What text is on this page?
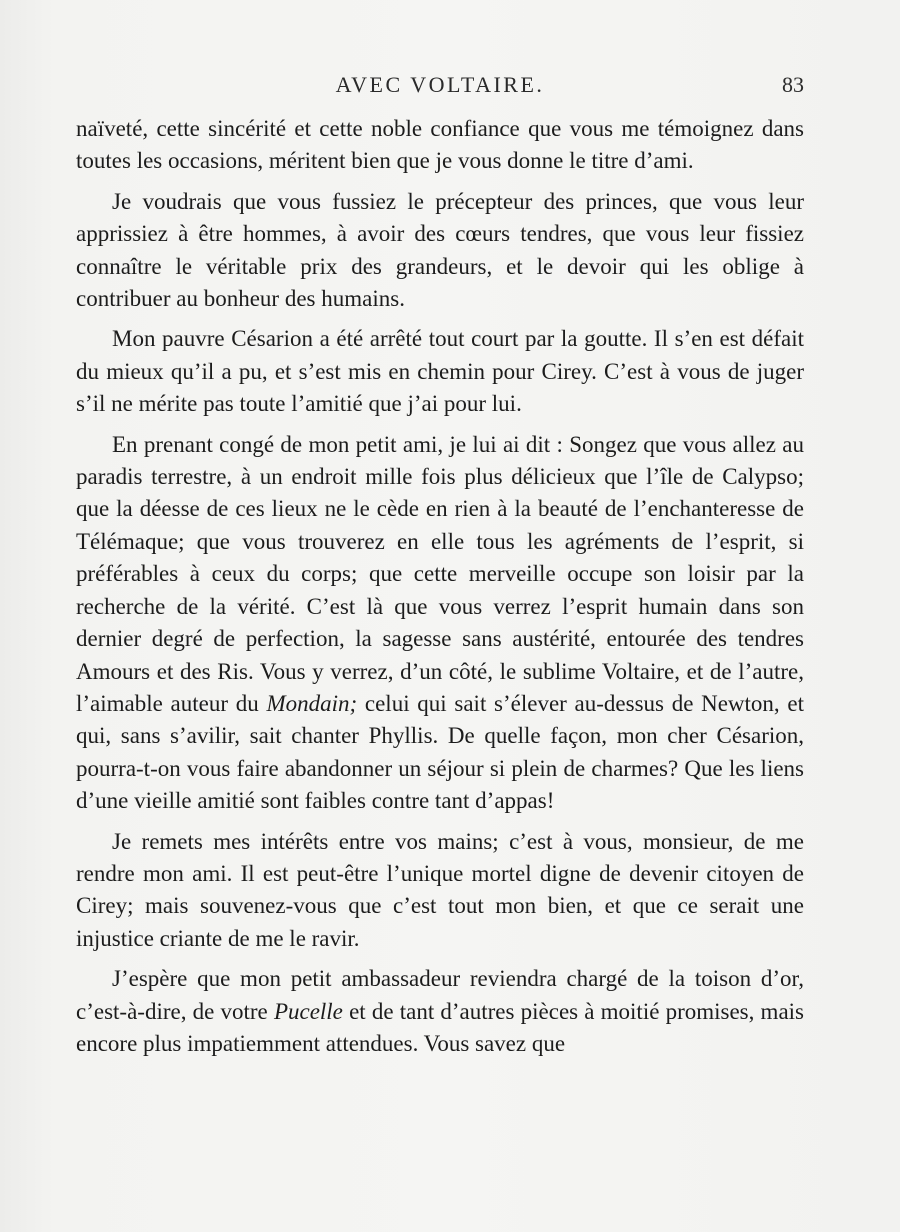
AVEC VOLTAIRE.	83

naïveté, cette sincérité et cette noble confiance que vous me témoignez dans toutes les occasions, méritent bien que je vous donne le titre d’ami.

Je voudrais que vous fussiez le précepteur des princes, que vous leur apprissiez à être hommes, à avoir des cœurs tendres, que vous leur fissiez connaître le véritable prix des grandeurs, et le devoir qui les oblige à contribuer au bonheur des humains.

Mon pauvre Césarion a été arrêté tout court par la goutte. Il s’en est défait du mieux qu’il a pu, et s’est mis en chemin pour Cirey. C’est à vous de juger s’il ne mérite pas toute l’amitié que j’ai pour lui.

En prenant congé de mon petit ami, je lui ai dit : Songez que vous allez au paradis terrestre, à un endroit mille fois plus délicieux que l’île de Calypso; que la déesse de ces lieux ne le cède en rien à la beauté de l’enchanteresse de Télémaque; que vous trouverez en elle tous les agréments de l’esprit, si préférables à ceux du corps; que cette merveille occupe son loisir par la recherche de la vérité. C’est là que vous verrez l’esprit humain dans son dernier degré de perfection, la sagesse sans austérité, entourée des tendres Amours et des Ris. Vous y verrez, d’un côté, le sublime Voltaire, et de l’autre, l’aimable auteur du Mondain; celui qui sait s’élever au-dessus de Newton, et qui, sans s’avilir, sait chanter Phyllis. De quelle façon, mon cher Césarion, pourra-t-on vous faire abandonner un séjour si plein de charmes? Que les liens d’une vieille amitié sont faibles contre tant d’appas!

Je remets mes intérêts entre vos mains; c’est à vous, monsieur, de me rendre mon ami. Il est peut-être l’unique mortel digne de devenir citoyen de Cirey; mais souvenez-vous que c’est tout mon bien, et que ce serait une injustice criante de me le ravir.

J’espère que mon petit ambassadeur reviendra chargé de la toison d’or, c’est-à-dire, de votre Pucelle et de tant d’autres pièces à moitié promises, mais encore plus impatiemment attendues. Vous savez que
